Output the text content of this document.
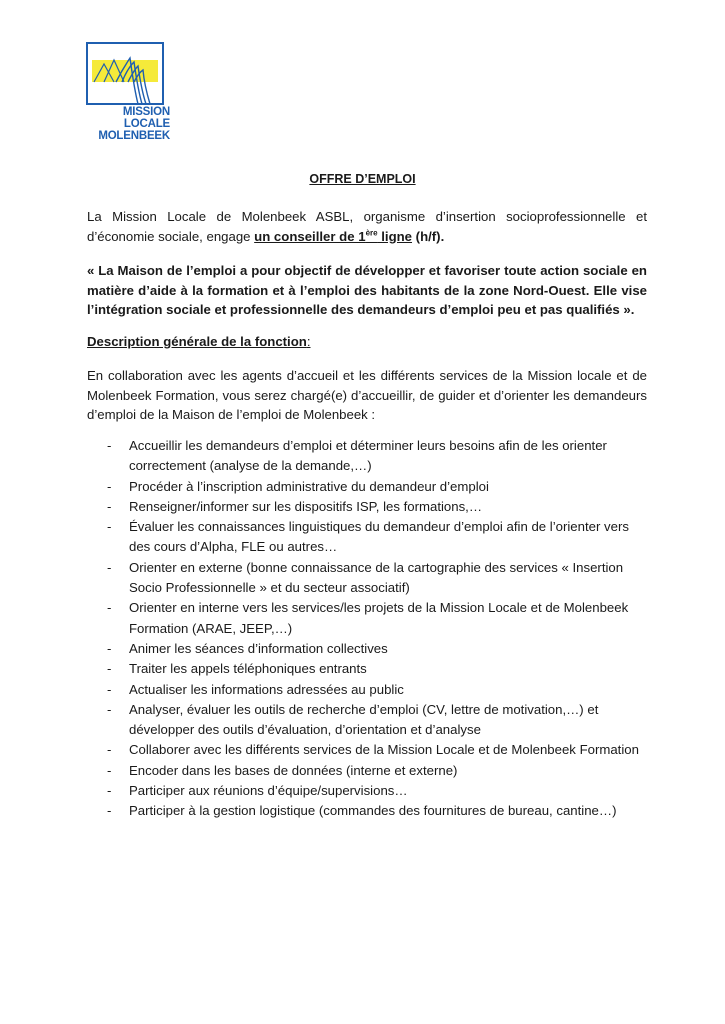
MISSION
LOCALE
MOLENBEEK
OFFRE D’EMPLOI
La Mission Locale de Molenbeek ASBL, organisme d’insertion socioprofessionnelle et d’économie sociale, engage un conseiller de 1ère ligne (h/f).
« La Maison de l’emploi a pour objectif de développer et favoriser toute action sociale en matière d’aide à la formation et à l’emploi des habitants de la zone Nord-Ouest. Elle vise l’intégration sociale et professionnelle des demandeurs d’emploi peu et pas qualifiés ».
Description générale de la fonction:
En collaboration avec les agents d’accueil et les différents services de la Mission locale et de Molenbeek Formation, vous serez chargé(e) d’accueillir, de guider et d’orienter les demandeurs d’emploi de la Maison de l’emploi de Molenbeek :
- Accueillir les demandeurs d’emploi et déterminer leurs besoins afin de les orienter
correctement (analyse de la demande,…)
- Procéder à l’inscription administrative du demandeur d’emploi
- Renseigner/informer sur les dispositifs ISP, les formations,…
- Évaluer les connaissances linguistiques du demandeur d’emploi afin de l’orienter vers
des cours d’Alpha, FLE ou autres…
- Orienter en externe (bonne connaissance de la cartographie des services « Insertion
Socio Professionnelle » et du secteur associatif)
- Orienter en interne vers les services/les projets de la Mission Locale et de Molenbeek
Formation (ARAE, JEEP,…)
- Animer les séances d’information collectives
- Traiter les appels téléphoniques entrants
- Actualiser les informations adressées au public
- Analyser, évaluer les outils de recherche d’emploi (CV, lettre de motivation,…) et
développer des outils d’évaluation, d’orientation et d’analyse
- Collaborer avec les différents services de la Mission Locale et de Molenbeek Formation
- Encoder dans les bases de données (interne et externe)
- Participer aux réunions d’équipe/supervisions…
- Participer à la gestion logistique (commandes des fournitures de bureau, cantine…)
